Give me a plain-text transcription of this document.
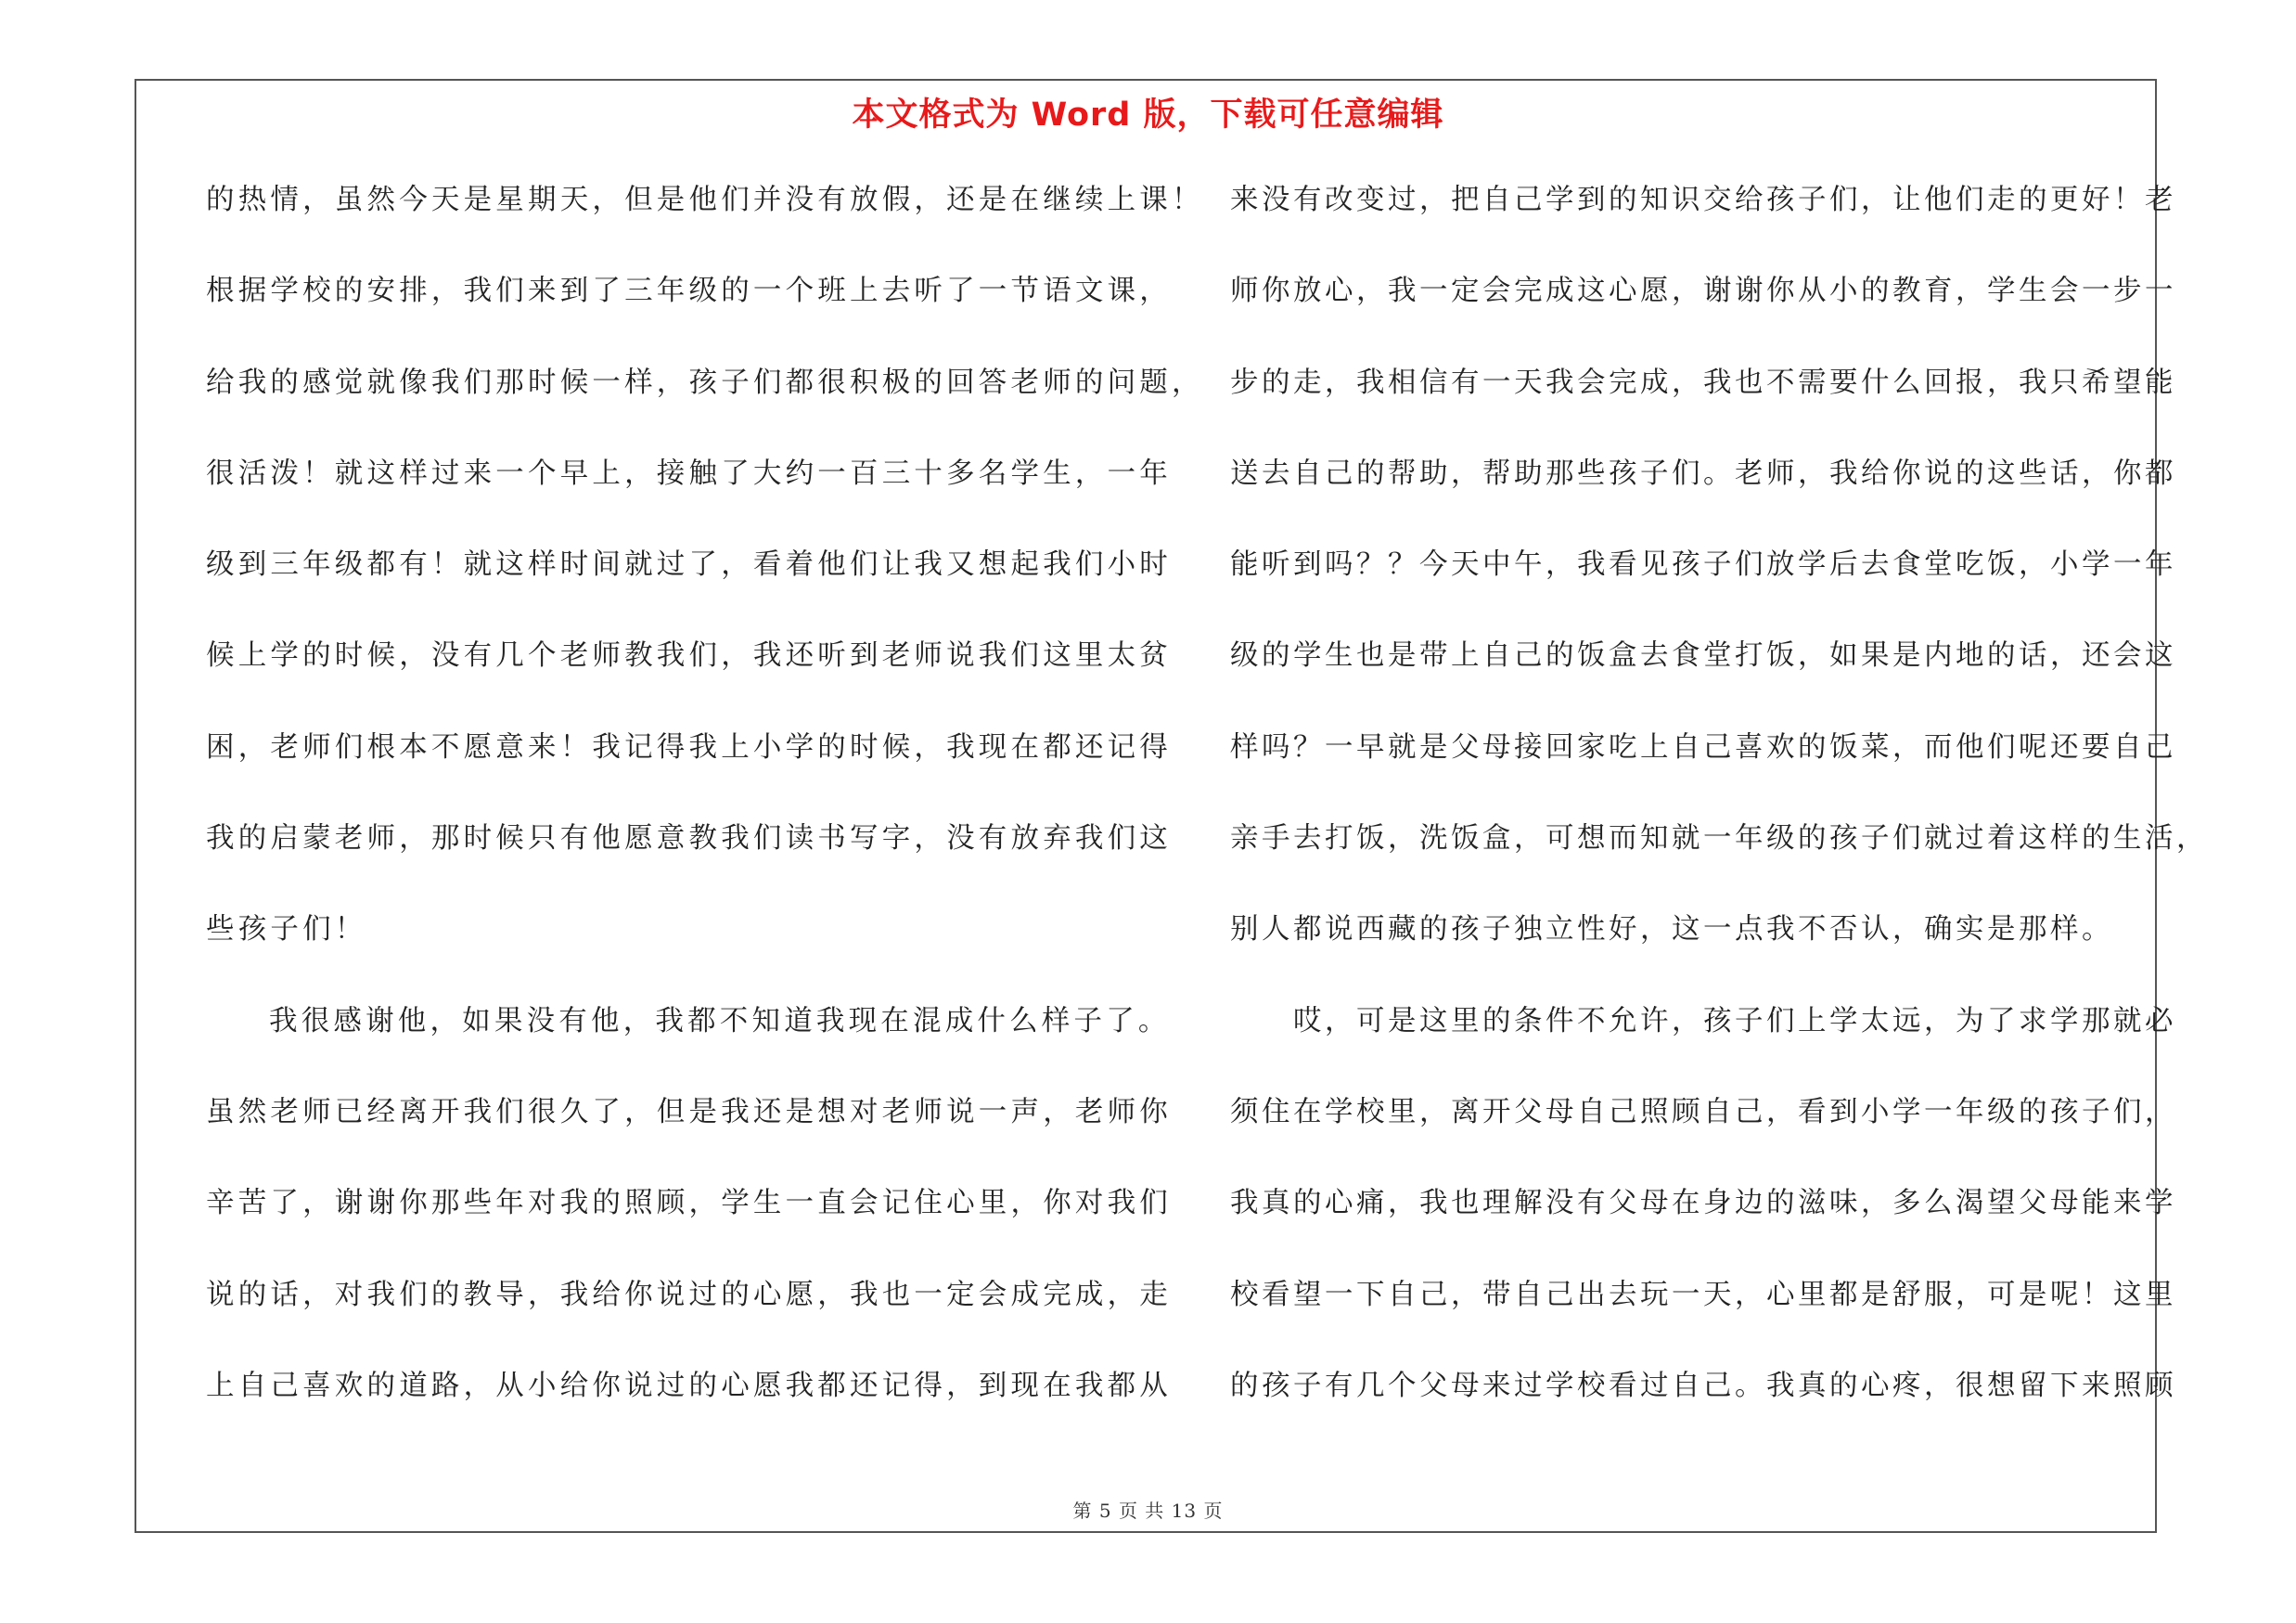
本文格式为 Word 版，下载可任意编辑
的热情，虽然今天是星期天，但是他们并没有放假，还是在继续上课！
根据学校的安排，我们来到了三年级的一个班上去听了一节语文课，
给我的感觉就像我们那时候一样，孩子们都很积极的回答老师的问题，
很活泼！就这样过来一个早上，接触了大约一百三十多名学生，一年
级到三年级都有！就这样时间就过了，看着他们让我又想起我们小时
候上学的时候，没有几个老师教我们，我还听到老师说我们这里太贫
困，老师们根本不愿意来！我记得我上小学的时候，我现在都还记得
我的启蒙老师，那时候只有他愿意教我们读书写字，没有放弃我们这
些孩子们！
我很感谢他，如果没有他，我都不知道我现在混成什么样子了。
虽然老师已经离开我们很久了，但是我还是想对老师说一声，老师你
辛苦了，谢谢你那些年对我的照顾，学生一直会记住心里，你对我们
说的话，对我们的教导，我给你说过的心愿，我也一定会成完成，走
上自己喜欢的道路，从小给你说过的心愿我都还记得，到现在我都从
来没有改变过，把自己学到的知识交给孩子们，让他们走的更好！老
师你放心，我一定会完成这心愿，谢谢你从小的教育，学生会一步一
步的走，我相信有一天我会完成，我也不需要什么回报，我只希望能
送去自己的帮助，帮助那些孩子们。老师，我给你说的这些话，你都
能听到吗？？今天中午，我看见孩子们放学后去食堂吃饭，小学一年
级的学生也是带上自己的饭盒去食堂打饭，如果是内地的话，还会这
样吗？一早就是父母接回家吃上自己喜欢的饭菜，而他们呢还要自己
亲手去打饭，洗饭盒，可想而知就一年级的孩子们就过着这样的生活，
别人都说西藏的孩子独立性好，这一点我不否认，确实是那样。
哎，可是这里的条件不允许，孩子们上学太远，为了求学那就必
须住在学校里，离开父母自己照顾自己，看到小学一年级的孩子们，
我真的心痛，我也理解没有父母在身边的滋味，多么渴望父母能来学
校看望一下自己，带自己出去玩一天，心里都是舒服，可是呢！这里
的孩子有几个父母来过学校看过自己。我真的心疼，很想留下来照顾
第 5 页 共 13 页
